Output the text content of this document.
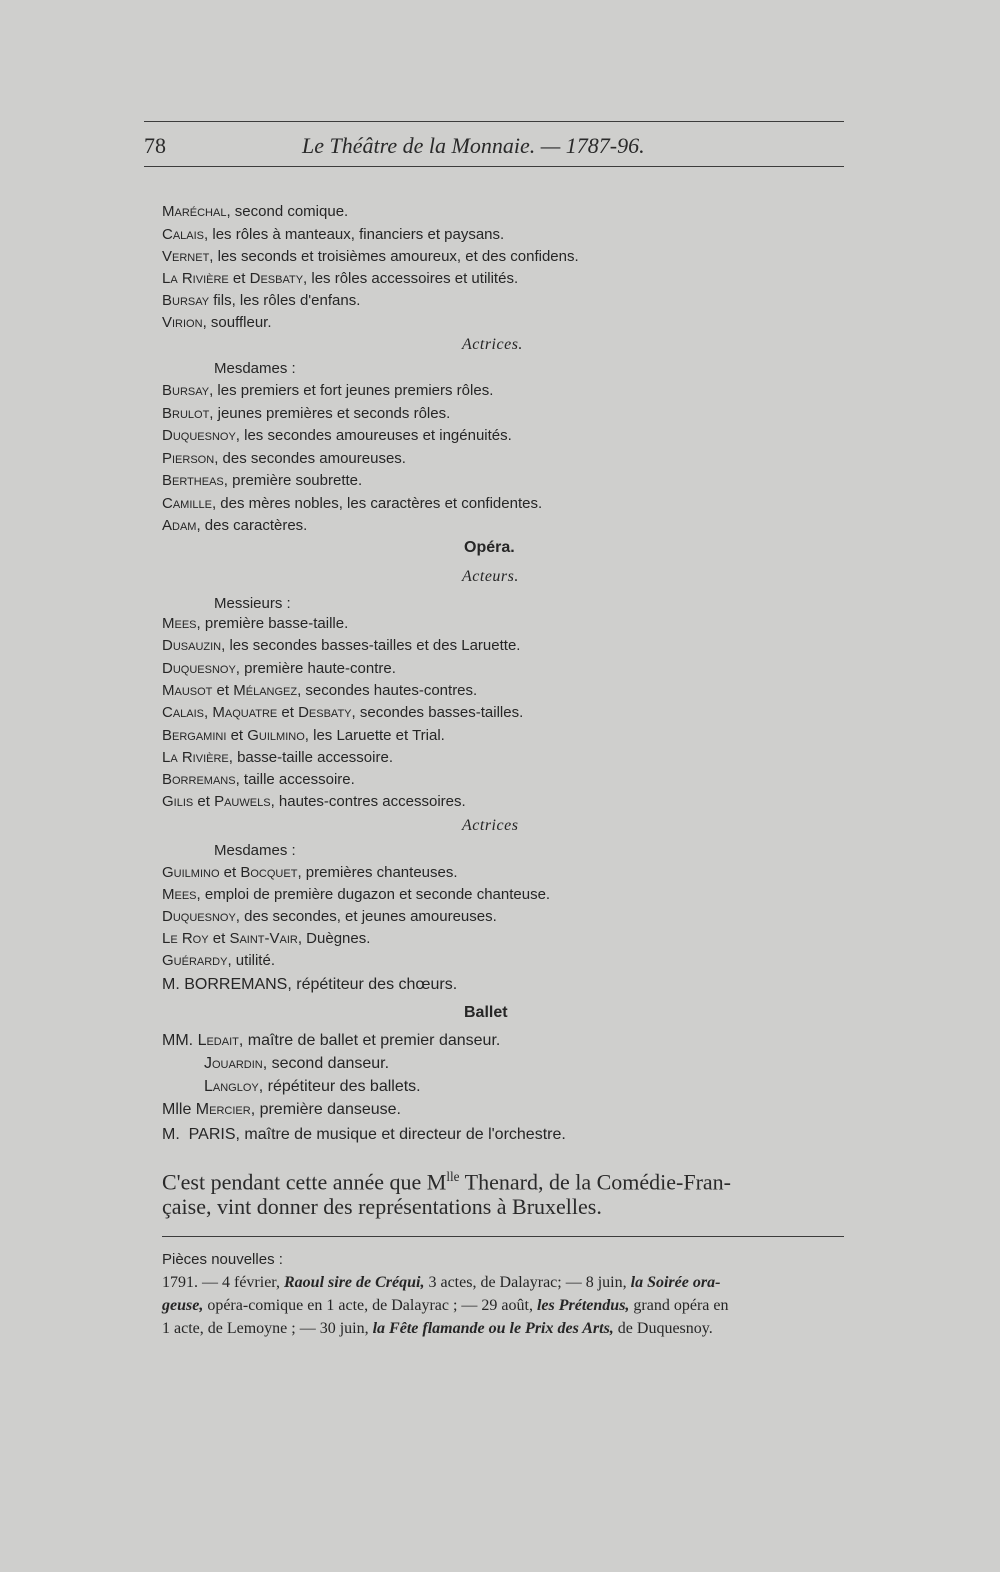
78	Le Théâtre de la Monnaie. — 1787-96.
Maréchal, second comique.
Calais, les rôles à manteaux, financiers et paysans.
Vernet, les seconds et troisièmes amoureux, et des confidens.
La Rivière et Desbaty, les rôles accessoires et utilités.
Bursay fils, les rôles d'enfans.
Virion, souffleur.
Actrices.
Mesdames :
Bursay, les premiers et fort jeunes premiers rôles.
Brulot, jeunes premières et seconds rôles.
Duquesnoy, les secondes amoureuses et ingénuités.
Pierson, des secondes amoureuses.
Bertheas, première soubrette.
Camille, des mères nobles, les caractères et confidentes.
Adam, des caractères.
Opéra.
Acteurs.
Messieurs :
Mees, première basse-taille.
Dusauzin, les secondes basses-tailles et des Laruette.
Duquesnoy, première haute-contre.
Mausot et Mélangez, secondes hautes-contres.
Calais, Maquatre et Desbaty, secondes basses-tailles.
Bergamini et Guilmino, les Laruette et Trial.
La Rivière, basse-taille accessoire.
Borremans, taille accessoire.
Gilis et Pauwels, hautes-contres accessoires.
Actrices
Mesdames :
Guilmino et Bocquet, premières chanteuses.
Mees, emploi de première dugazon et seconde chanteuse.
Duquesnoy, des secondes, et jeunes amoureuses.
Le Roy et Saint-Vair, Duègnes.
Guérardy, utilité.
M. BORREMANS, répétiteur des chœurs.
Ballet
MM. Ledait, maître de ballet et premier danseur.
Jouardin, second danseur.
Langloy, répétiteur des ballets.
Mlle Mercier, première danseuse.
M. PARIS, maître de musique et directeur de l'orchestre.
C'est pendant cette année que $M^{lle}$ Thenard, de la Comédie-Fran-
çaise, vint donner des représentations à Bruxelles.
Pièces nouvelles :
1791. — 4 février, Raoul sire de Créqui, 3 actes, de Dalayrac; — 8 juin, la Soirée ora-
geuse, opéra-comique en 1 acte, de Dalayrac ; — 29 août, les Prétendus, grand opéra en
1 acte, de Lemoyne ; — 30 juin, la Fête flamande ou le Prix des Arts, de Duquesnoy.
